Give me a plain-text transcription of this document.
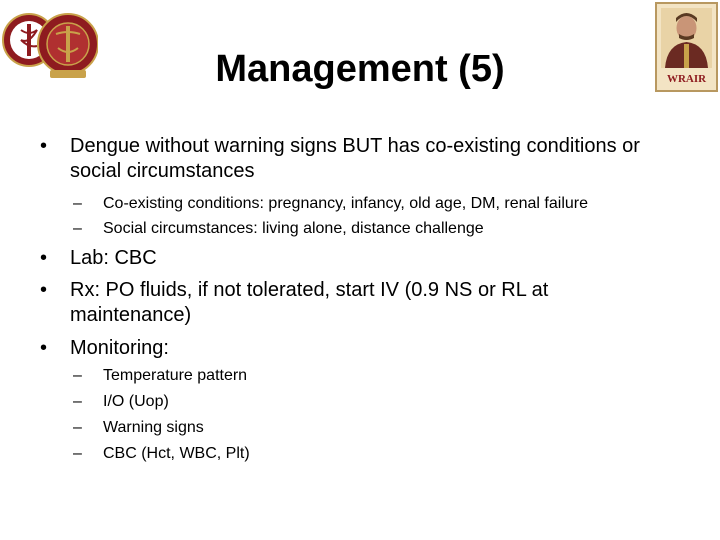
Management (5)	WRAIR
• Dengue without warning signs BUT has co-existing conditions or social circumstances
– Co-existing conditions: pregnancy, infancy, old age, DM, renal failure
– Social circumstances: living alone, distance challenge
• Lab: CBC
• Rx: PO fluids, if not tolerated, start IV (0.9 NS or RL at maintenance)
• Monitoring:
– Temperature pattern
– I/O (Uop)
– Warning signs
– CBC (Hct, WBC, Plt)
